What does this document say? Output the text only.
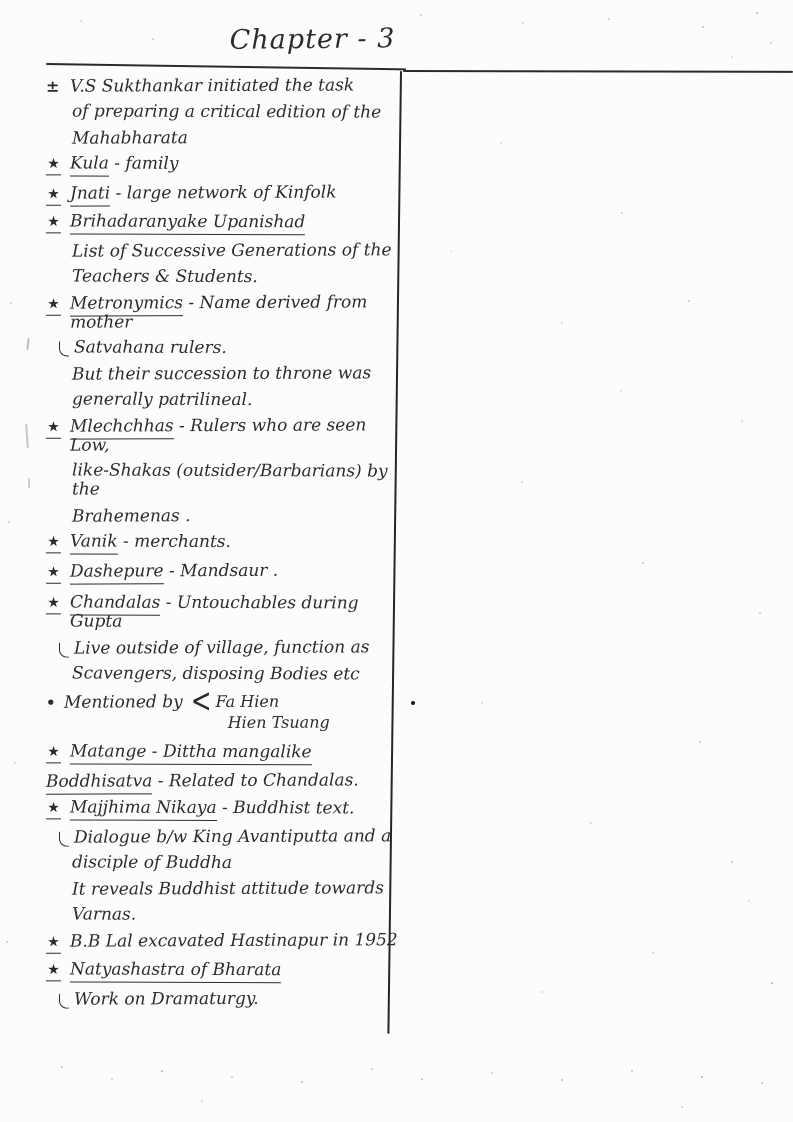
Chapter - 3
± V.S Sukthankar initiated the task
of preparing a critical edition of the
Mahabharata
★ Kula - family
★ Jnati - large network of Kinfolk
★ Brihadaranyake Upanishad
List of Successive Generations of the
Teachers & Students.
★ Metronymics - Name derived from mother
Satvahana rulers.
But their succession to throne was
generally patrilineal.
★ Mlechchhas - Rulers who are seen Low,
like-Shakas (outsider/Barbarians) by the
Brahemenas .
★ Vanik - merchants.
★ Dashepure - Mandsaur .
★ Chandalas - Untouchables during Gupta
Live outside of village, function as
Scavengers, disposing Bodies etc
• Mentioned by < Fa Hien
Hien Tsuang
★ Matange - Dittha mangalike
Boddhisatva - Related to Chandalas.
★ Majjhima Nikaya - Buddhist text.
Dialogue b/w King Avantiputta and a
disciple of Buddha
It reveals Buddhist attitude towards
Varnas.
★ B.B Lal excavated Hastinapur in 1952
★ Natyashastra of Bharata
Work on Dramaturgy.
